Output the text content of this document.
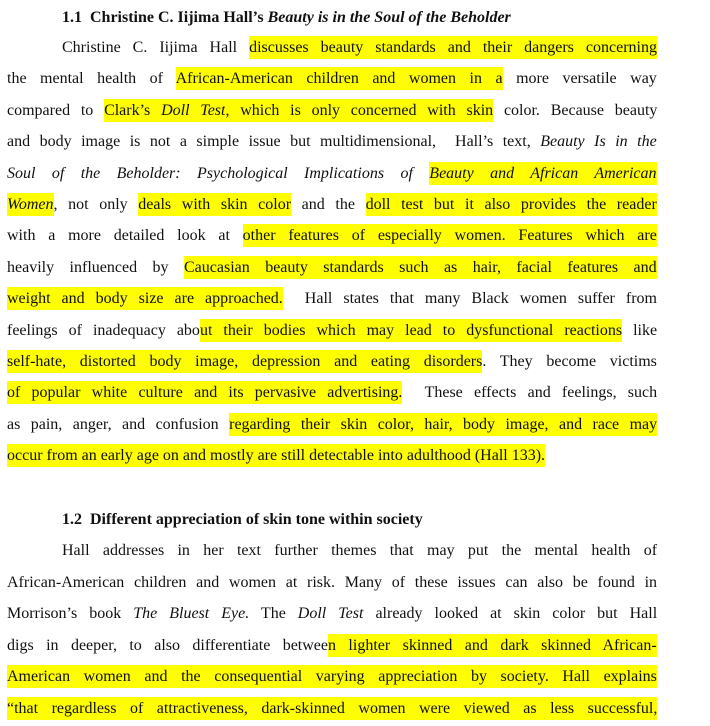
1.1 Christine C. Iijima Hall’s Beauty is in the Soul of the Beholder
Christine C. Iijima Hall discusses beauty standards and their dangers concerning
the mental health of African-American children and women in a more versatile way
compared to Clark’s Doll Test, which is only concerned with skin color. Because beauty
and body image is not a simple issue but multidimensional,  Hall’s text, Beauty Is in the
Soul of the Beholder: Psychological Implications of Beauty and African American
Women, not only deals with skin color and the doll test but it also provides the reader
with a more detailed look at other features of especially women. Features which are
heavily influenced by Caucasian beauty standards such as hair, facial features and
weight and body size are approached.  Hall states that many Black women suffer from
feelings of inadequacy about their bodies which may lead to dysfunctional reactions like
self-hate, distorted body image, depression and eating disorders. They become victims
of popular white culture and its pervasive advertising.  These effects and feelings, such
as pain, anger, and confusion regarding their skin color, hair, body image, and race may
occur from an early age on and mostly are still detectable into adulthood (Hall 133).
1.2 Different appreciation of skin tone within society
Hall addresses in her text further themes that may put the mental health of
African-American children and women at risk. Many of these issues can also be found in
Morrison’s book The Bluest Eye. The Doll Test already looked at skin color but Hall
digs in deeper, to also differentiate between lighter skinned and dark skinned African-
American women and the consequential varying appreciation by society. Hall explains
“that regardless of attractiveness, dark-skinned women were viewed as less successful,
